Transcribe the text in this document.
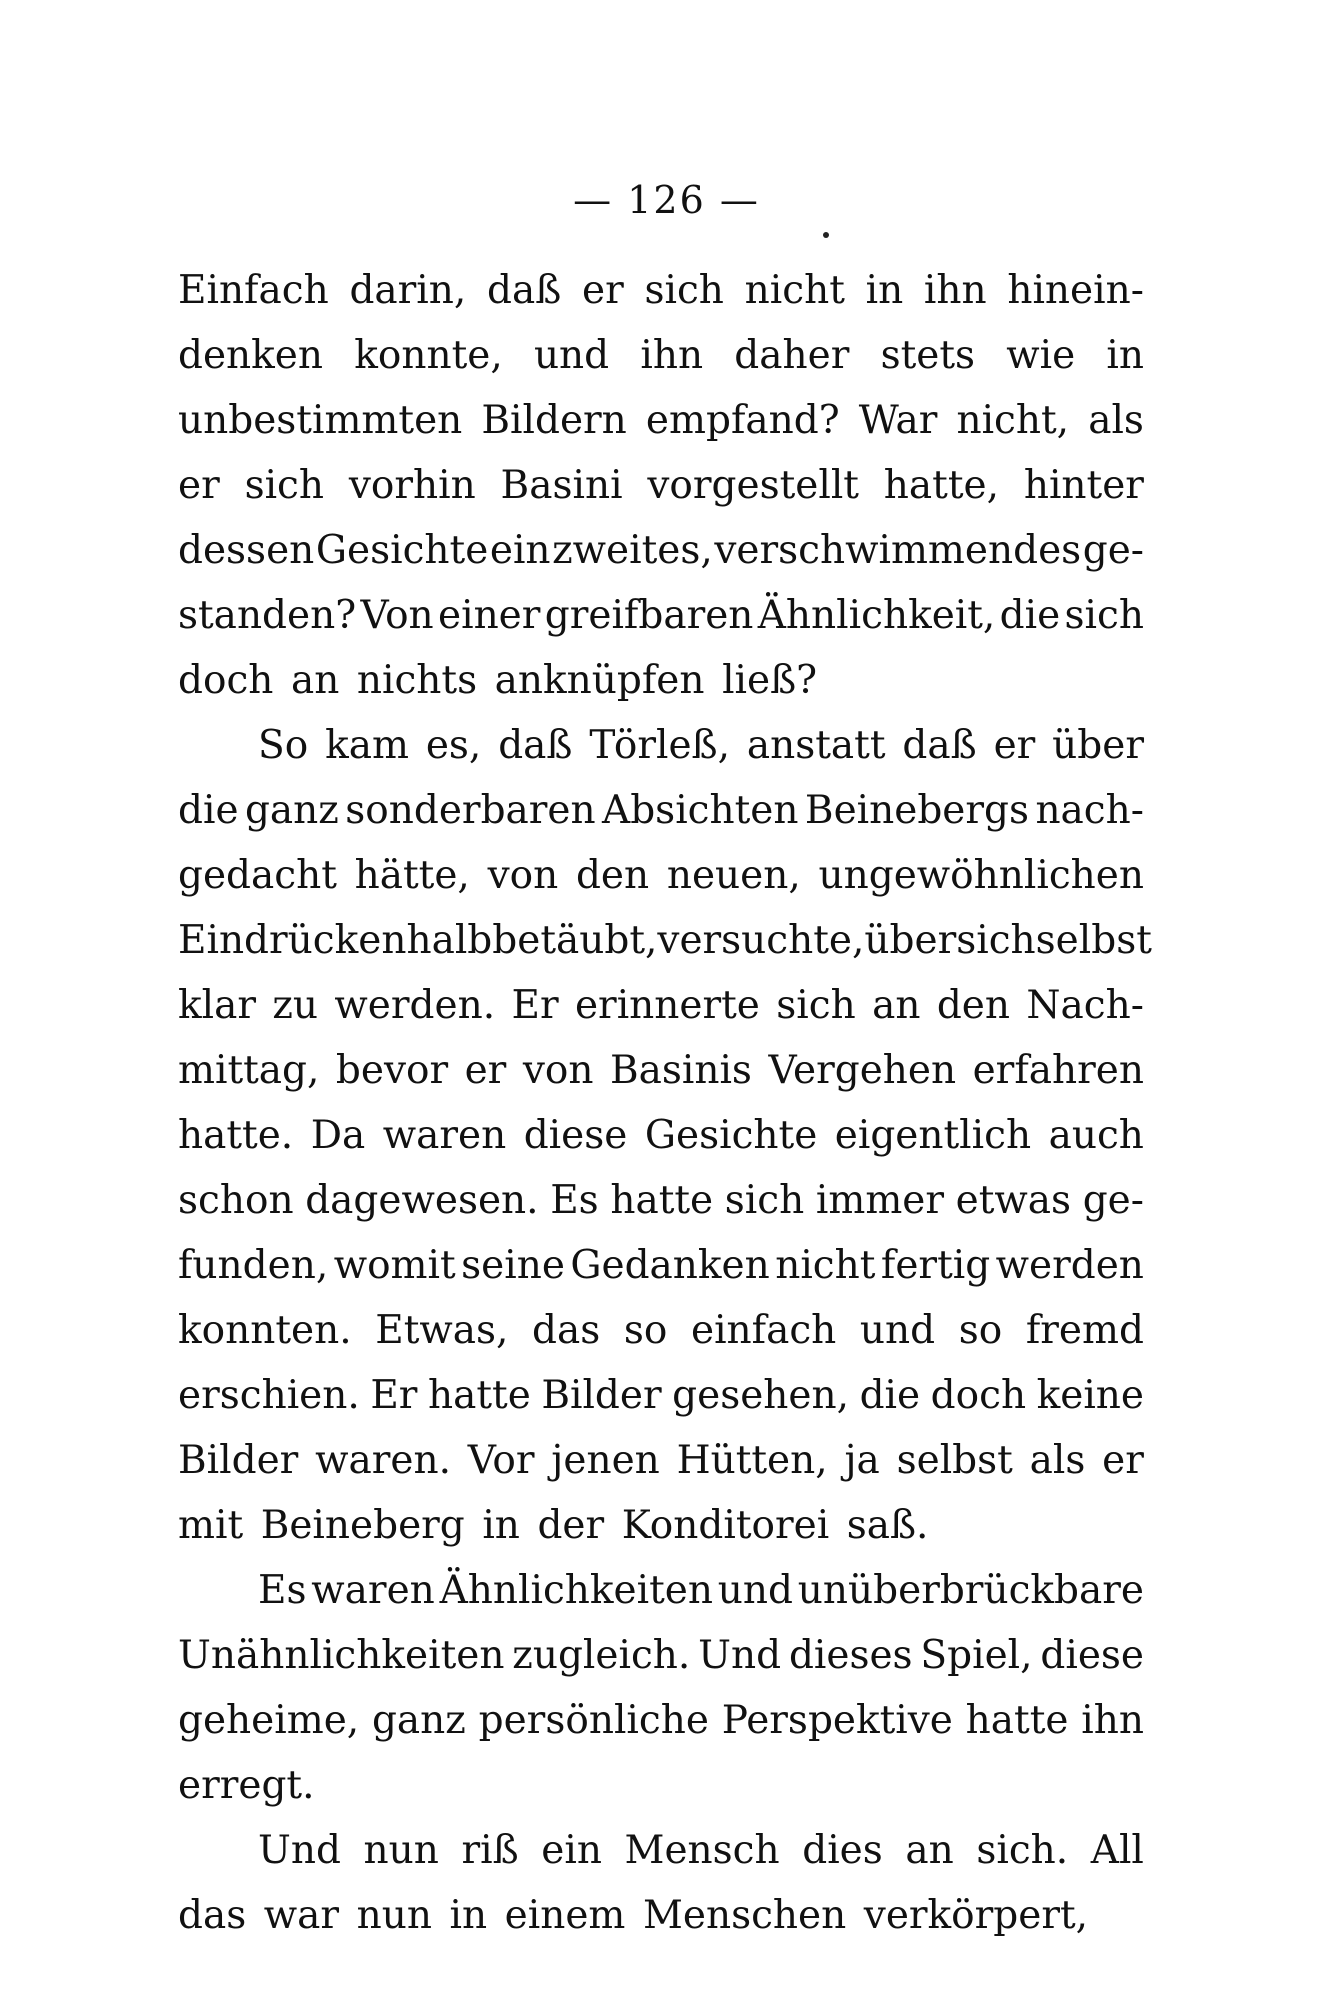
— 126 —
Einfach darin, daß er sich nicht in ihn hinein-
denken konnte, und ihn daher stets wie in
unbestimmten Bildern empfand? War nicht, als
er sich vorhin Basini vorgestellt hatte, hinter
dessen Gesichte ein zweites, verschwimmendes ge-
standen? Von einer greifbaren Ähnlichkeit, die sich
doch an nichts anknüpfen ließ?
So kam es, daß Törleß, anstatt daß er über
die ganz sonderbaren Absichten Beinebergs nach-
gedacht hätte, von den neuen, ungewöhnlichen
Eindrücken halb betäubt, versuchte, über sich selbst
klar zu werden. Er erinnerte sich an den Nach-
mittag, bevor er von Basinis Vergehen erfahren
hatte. Da waren diese Gesichte eigentlich auch
schon dagewesen. Es hatte sich immer etwas ge-
funden, womit seine Gedanken nicht fertig werden
konnten. Etwas, das so einfach und so fremd
erschien. Er hatte Bilder gesehen, die doch keine
Bilder waren. Vor jenen Hütten, ja selbst als er
mit Beineberg in der Konditorei saß.
Es waren Ähnlichkeiten und unüberbrückbare
Unähnlichkeiten zugleich. Und dieses Spiel, diese
geheime, ganz persönliche Perspektive hatte ihn
erregt.
Und nun riß ein Mensch dies an sich. All
das war nun in einem Menschen verkörpert,
